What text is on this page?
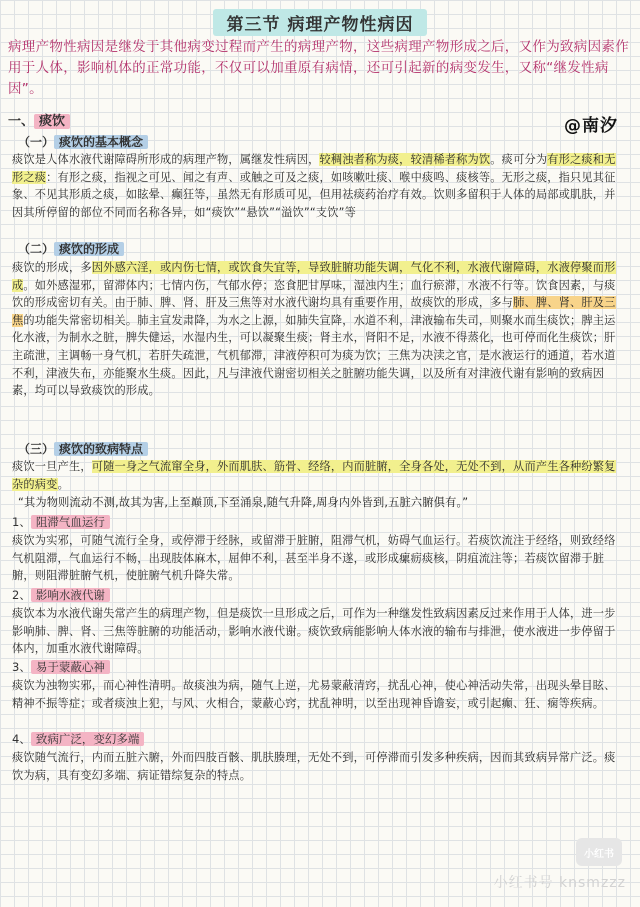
第三节 病理产物性病因
病理产物性病因是继发于其他病变过程而产生的病理产物，这些病理产物形成之后，又作为致病因素作用于人体，影响机体的正常功能，不仅可以加重原有病情，还可引起新的病变发生，又称“继发性病因”。
一、 痰饮	@南汐
（一） 痰饮的基本概念
痰饮是人体水液代谢障碍所形成的病理产物，属继发性病因，较稠浊者称为痰，较清稀者称为饮。痰可分为有形之痰和无形之痰：有形之痰，指视之可见、闻之有声、或触之可及之痰，如咳嗽吐痰、喉中痰鸣、痰核等。无形之痰，指只见其征象、不见其形质之痰，如眩晕、癫狂等，虽然无有形质可见，但用祛痰药治疗有效。饮则多留积于人体的局部或肌肤，并因其所停留的部位不同而名称各异，如“痰饮”“悬饮”“溢饮”“支饮”等
（二） 痰饮的形成
痰饮的形成，多因外感六淫，或内伤七情，或饮食失宜等，导致脏腑功能失调，气化不利，水液代谢障碍，水液停聚而形成。如外感湿邪，留滞体内；七情内伤，气郁水停；恣食肥甘厚味，湿浊内生；血行瘀滞，水液不行等。饮食因素，与痰饮的形成密切有关。由于肺、脾、肾、肝及三焦等对水液代谢均具有重要作用，故痰饮的形成，多与肺、脾、肾、肝及三焦的功能失常密切相关。肺主宣发肃降，为水之上源，如肺失宣降，水道不利，津液输布失司，则聚水而生痰饮；脾主运化水液，为制水之脏，脾失健运，水湿内生，可以凝聚生痰；肾主水，肾阳不足，水液不得蒸化，也可停而化生痰饮；肝主疏泄，主调畅一身气机，若肝失疏泄，气机郁滞，津液停积可为痰为饮；三焦为决渎之官，是水液运行的通道，若水道不利，津液失布，亦能聚水生痰。因此，凡与津液代谢密切相关之脏腑功能失调，以及所有对津液代谢有影响的致病因素，均可以导致痰饮的形成。
（三） 痰饮的致病特点
痰饮一旦产生，可随一身之气流窜全身，外而肌肤、筋骨、经络，内而脏腑，全身各处，无处不到，从而产生各种纷繁复杂的病变。
“其为物则流动不测,故其为害,上至巅顶,下至涌泉,随气升降,周身内外皆到,五脏六腑俱有。”
1、 阻滞气血运行
痰饮为实邪，可随气流行全身，或停滞于经脉，或留滞于脏腑，阻滞气机，妨碍气血运行。若痰饮流注于经络，则致经络气机阻滞，气血运行不畅，出现肢体麻木，屈伸不利，甚至半身不遂，或形成瘰疬痰核，阴疽流注等；若痰饮留滞于脏腑，则阻滞脏腑气机，使脏腑气机升降失常。
2、 影响水液代谢
痰饮本为水液代谢失常产生的病理产物，但是痰饮一旦形成之后，可作为一种继发性致病因素反过来作用于人体，进一步影响肺、脾、肾、三焦等脏腑的功能活动，影响水液代谢。痰饮致病能影响人体水液的输布与排泄，使水液进一步停留于体内，加重水液代谢障碍。
3、 易于蒙蔽心神
痰饮为浊物实邪，而心神性清明。故痰浊为病，随气上逆，尤易蒙蔽清窍，扰乱心神，使心神活动失常，出现头晕目眩、精神不振等症；或者痰浊上犯，与风、火相合，蒙蔽心窍，扰乱神明，以至出现神昏谵妄，或引起癫、狂、痫等疾病。
4、 致病广泛，变幻多端
痰饮随气流行，内而五脏六腑，外而四肢百骸、肌肤腠理，无处不到，可停滞而引发多种疾病，因而其致病异常广泛。痰饮为病，具有变幻多端、病证错综复杂的特点。
小红书
小红书号 knsmzzz
